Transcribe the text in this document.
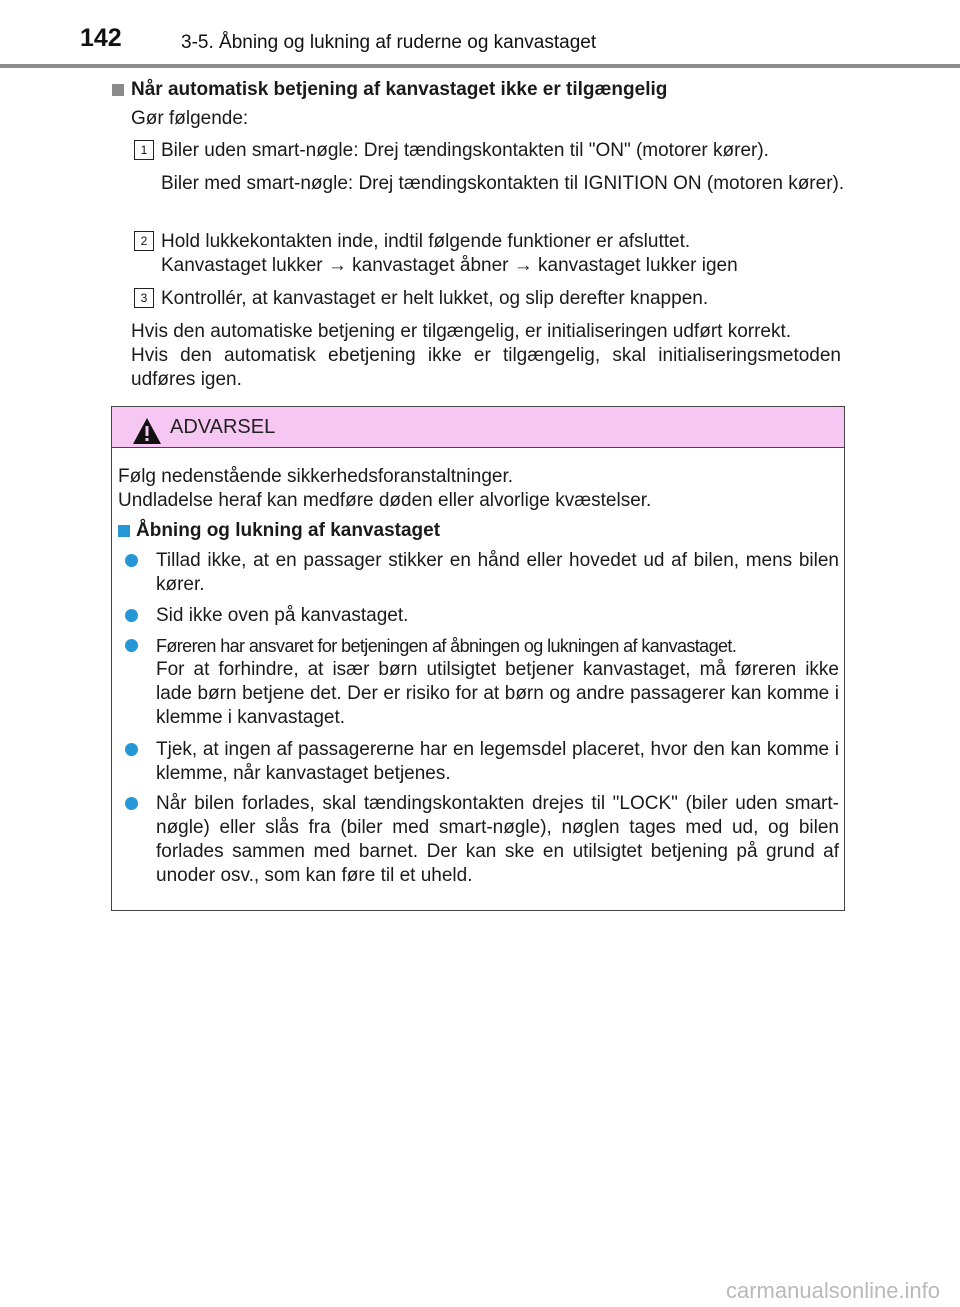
142	3-5. Åbning og lukning af ruderne og kanvastaget
Når automatisk betjening af kanvastaget ikke er tilgængelig
Gør følgende:
1 Biler uden smart-nøgle: Drej tændingskontakten til "ON" (motorer kører).
Biler med smart-nøgle: Drej tændingskontakten til IGNITION ON (motoren kører).
2 Hold lukkekontakten inde, indtil følgende funktioner er afsluttet.
Kanvastaget lukker → kanvastaget åbner → kanvastaget lukker igen
3 Kontrollér, at kanvastaget er helt lukket, og slip derefter knappen.
Hvis den automatiske betjening er tilgængelig, er initialiseringen udført korrekt.
Hvis den automatisk ebetjening ikke er tilgængelig, skal initialiseringsmetoden udføres igen.
ADVARSEL
Følg nedenstående sikkerhedsforanstaltninger.
Undladelse heraf kan medføre døden eller alvorlige kvæstelser.
Åbning og lukning af kanvastaget
Tillad ikke, at en passager stikker en hånd eller hovedet ud af bilen, mens bilen kører.
Sid ikke oven på kanvastaget.
Føreren har ansvaret for betjeningen af åbningen og lukningen af kanvastaget.
For at forhindre, at især børn utilsigtet betjener kanvastaget, må føreren ikke lade børn betjene det. Der er risiko for at børn og andre passagerer kan komme i klemme i kanvastaget.
Tjek, at ingen af passagererne har en legemsdel placeret, hvor den kan komme i klemme, når kanvastaget betjenes.
Når bilen forlades, skal tændingskontakten drejes til "LOCK" (biler uden smart-nøgle) eller slås fra (biler med smart-nøgle), nøglen tages med ud, og bilen forlades sammen med barnet. Der kan ske en utilsigtet betjening på grund af unoder osv., som kan føre til et uheld.
carmanualsonline.info
